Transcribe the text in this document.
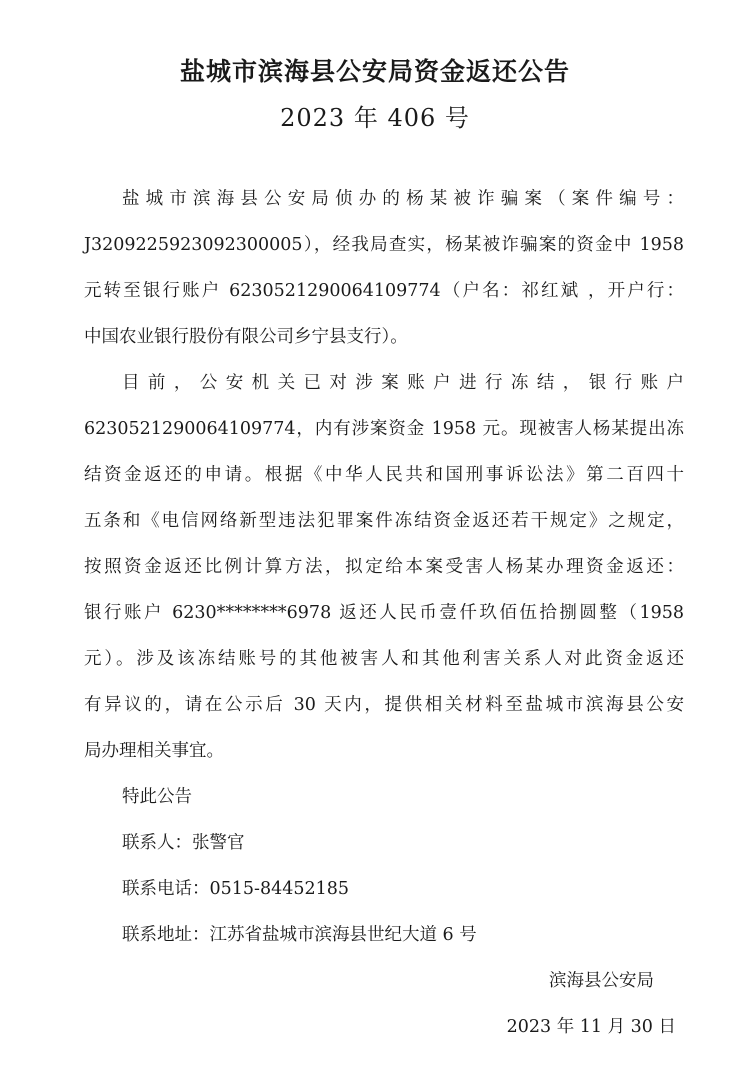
盐城市滨海县公安局资金返还公告
2023 年 406 号
盐城市滨海县公安局侦办的杨某被诈骗案（案件编号：
J3209225923092300005），经我局查实，杨某被诈骗案的资金中 1958
元转至银行账户 6230521290064109774（户名：祁红斌 ，开户行：
中国农业银行股份有限公司乡宁县支行）。
目前，公安机关已对涉案账户进行冻结，银行账户
6230521290064109774，内有涉案资金 1958 元。现被害人杨某提出冻
结资金返还的申请。根据《中华人民共和国刑事诉讼法》第二百四十
五条和《电信网络新型违法犯罪案件冻结资金返还若干规定》之规定，
按照资金返还比例计算方法，拟定给本案受害人杨某办理资金返还：
银行账户 6230********6978 返还人民币壹仟玖佰伍拾捌圆整（1958
元）。涉及该冻结账号的其他被害人和其他利害关系人对此资金返还
有异议的，请在公示后 30 天内，提供相关材料至盐城市滨海县公安
局办理相关事宜。
特此公告
联系人：张警官
联系电话：0515-84452185
联系地址：江苏省盐城市滨海县世纪大道 6 号
滨海县公安局
2023 年 11 月 30 日
